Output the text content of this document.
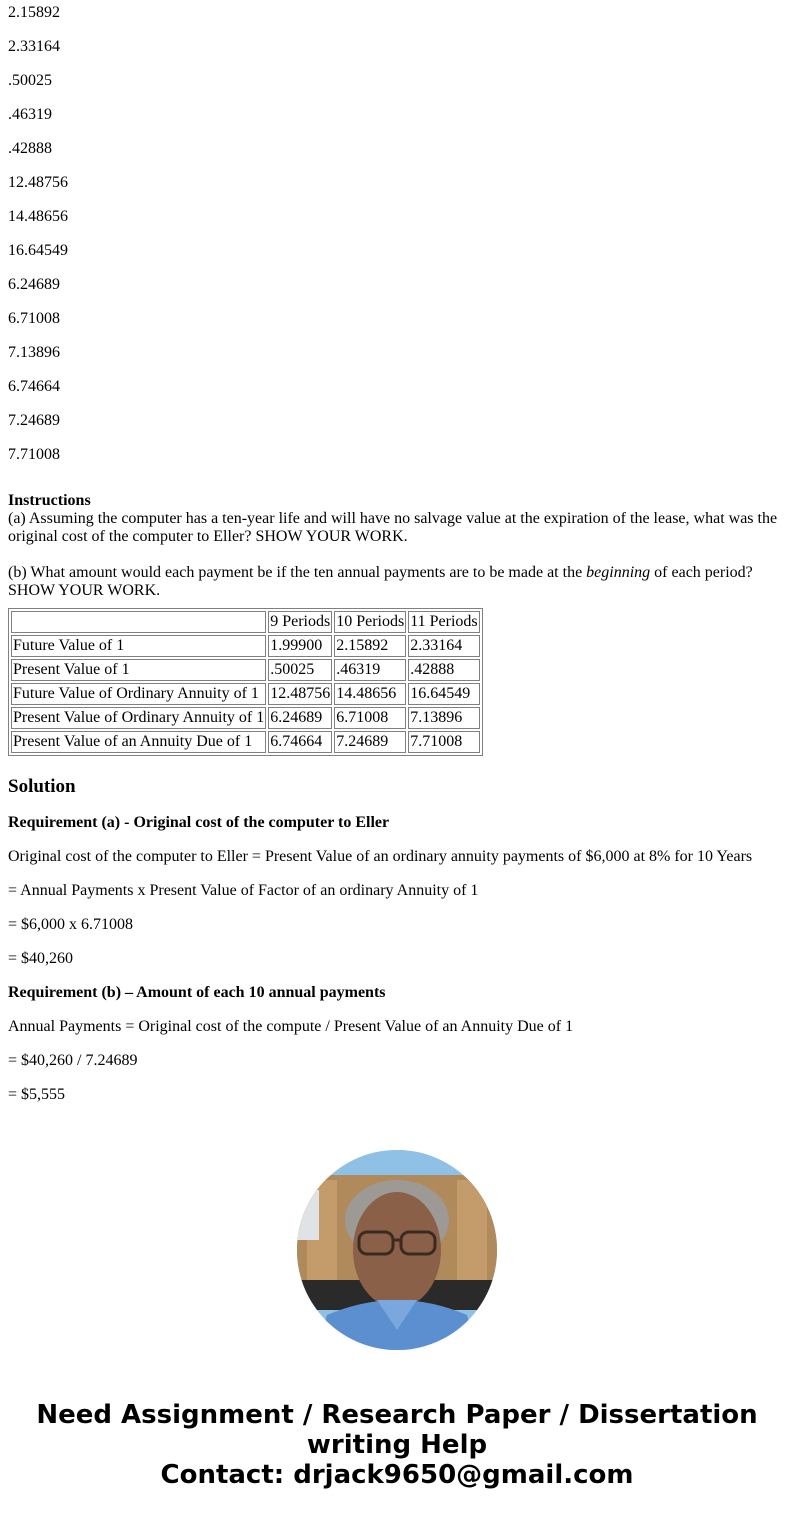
2.15892

2.33164

.50025

.46319

.42888

12.48756

14.48656

16.64549

6.24689

6.71008

7.13896

6.74664

7.24689

7.71008

Instructions

(a) Assuming the computer has a ten-year life and will have no salvage value at the expiration of the lease, what was the original cost of the computer to Eller? SHOW YOUR WORK.

(b) What amount would each payment be if the ten annual payments are to be made at the beginning of each period? SHOW YOUR WORK.

	9 Periods	10 Periods	11 Periods
Future Value of 1	1.99900	2.15892	2.33164
Present Value of 1	.50025	.46319	.42888
Future Value of Ordinary Annuity of 1	12.48756	14.48656	16.64549
Present Value of Ordinary Annuity of 1	6.24689	6.71008	7.13896
Present Value of an Annuity Due of 1	6.74664	7.24689	7.71008
Solution

Requirement (a) - Original cost of the computer to Eller

Original cost of the computer to Eller = Present Value of an ordinary annuity payments of $6,000 at 8% for 10 Years

= Annual Payments x Present Value of Factor of an ordinary Annuity of 1

= $6,000 x 6.71008

= $40,260

Requirement (b) – Amount of each 10 annual payments

Annual Payments = Original cost of the compute / Present Value of an Annuity Due of 1

= $40,260 / 7.24689

= $5,555

Need Assignment / Research Paper / Dissertation writing Help
Contact: drjack9650@gmail.com
